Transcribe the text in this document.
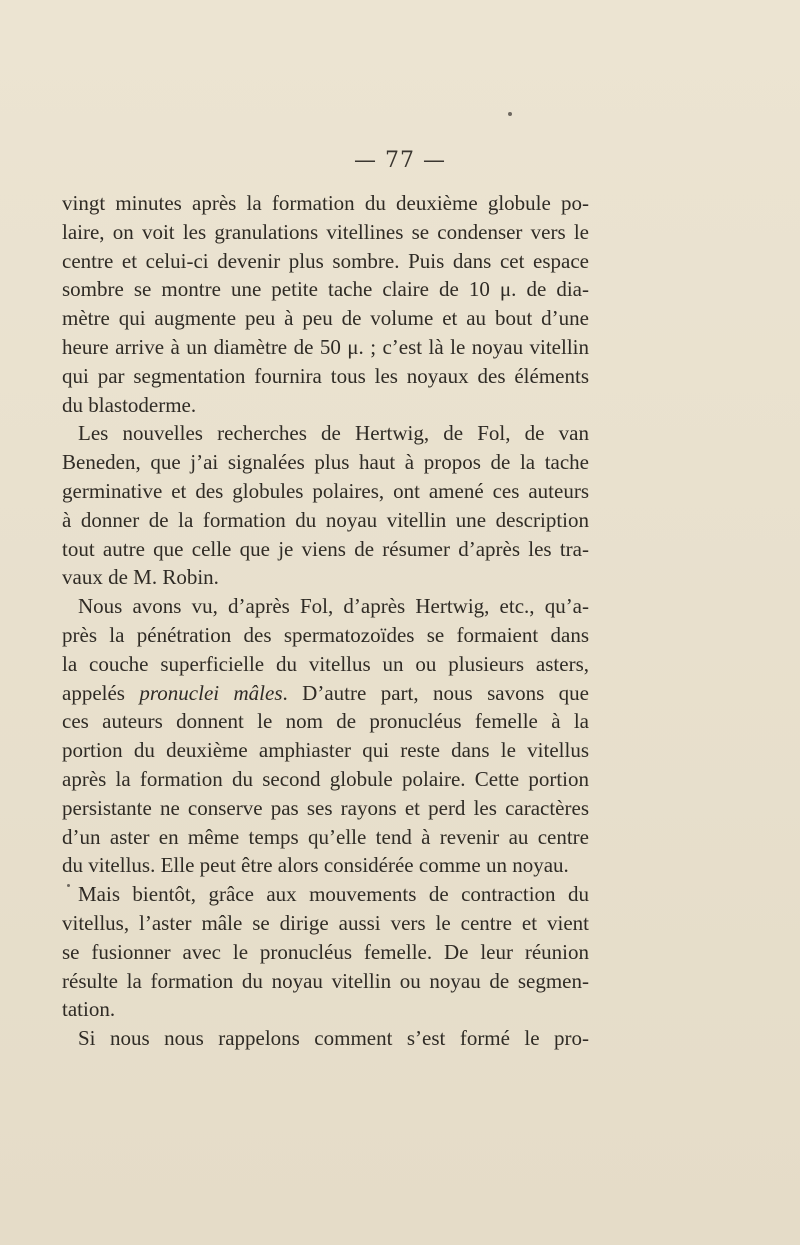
— 77 —
vingt minutes après la formation du deuxième globule po-
laire, on voit les granulations vitellines se condenser vers le
centre et celui-ci devenir plus sombre. Puis dans cet espace
sombre se montre une petite tache claire de 10 μ. de dia-
mètre qui augmente peu à peu de volume et au bout d’une
heure arrive à un diamètre de 50 μ. ; c’est là le noyau vitellin
qui par segmentation fournira tous les noyaux des éléments
du blastoderme.
Les nouvelles recherches de Hertwig, de Fol, de van
Beneden, que j’ai signalées plus haut à propos de la tache
germinative et des globules polaires, ont amené ces auteurs
à donner de la formation du noyau vitellin une description
tout autre que celle que je viens de résumer d’après les tra-
vaux de M. Robin.
Nous avons vu, d’après Fol, d’après Hertwig, etc., qu’a-
près la pénétration des spermatozoïdes se formaient dans
la couche superficielle du vitellus un ou plusieurs asters,
appelés pronuclei mâles. D’autre part, nous savons que
ces auteurs donnent le nom de pronucléus femelle à la
portion du deuxième amphiaster qui reste dans le vitellus
après la formation du second globule polaire. Cette portion
persistante ne conserve pas ses rayons et perd les caractères
d’un aster en même temps qu’elle tend à revenir au centre
du vitellus. Elle peut être alors considérée comme un noyau.
Mais bientôt, grâce aux mouvements de contraction du
vitellus, l’aster mâle se dirige aussi vers le centre et vient
se fusionner avec le pronucléus femelle. De leur réunion
résulte la formation du noyau vitellin ou noyau de segmen-
tation.
Si nous nous rappelons comment s’est formé le pro-
